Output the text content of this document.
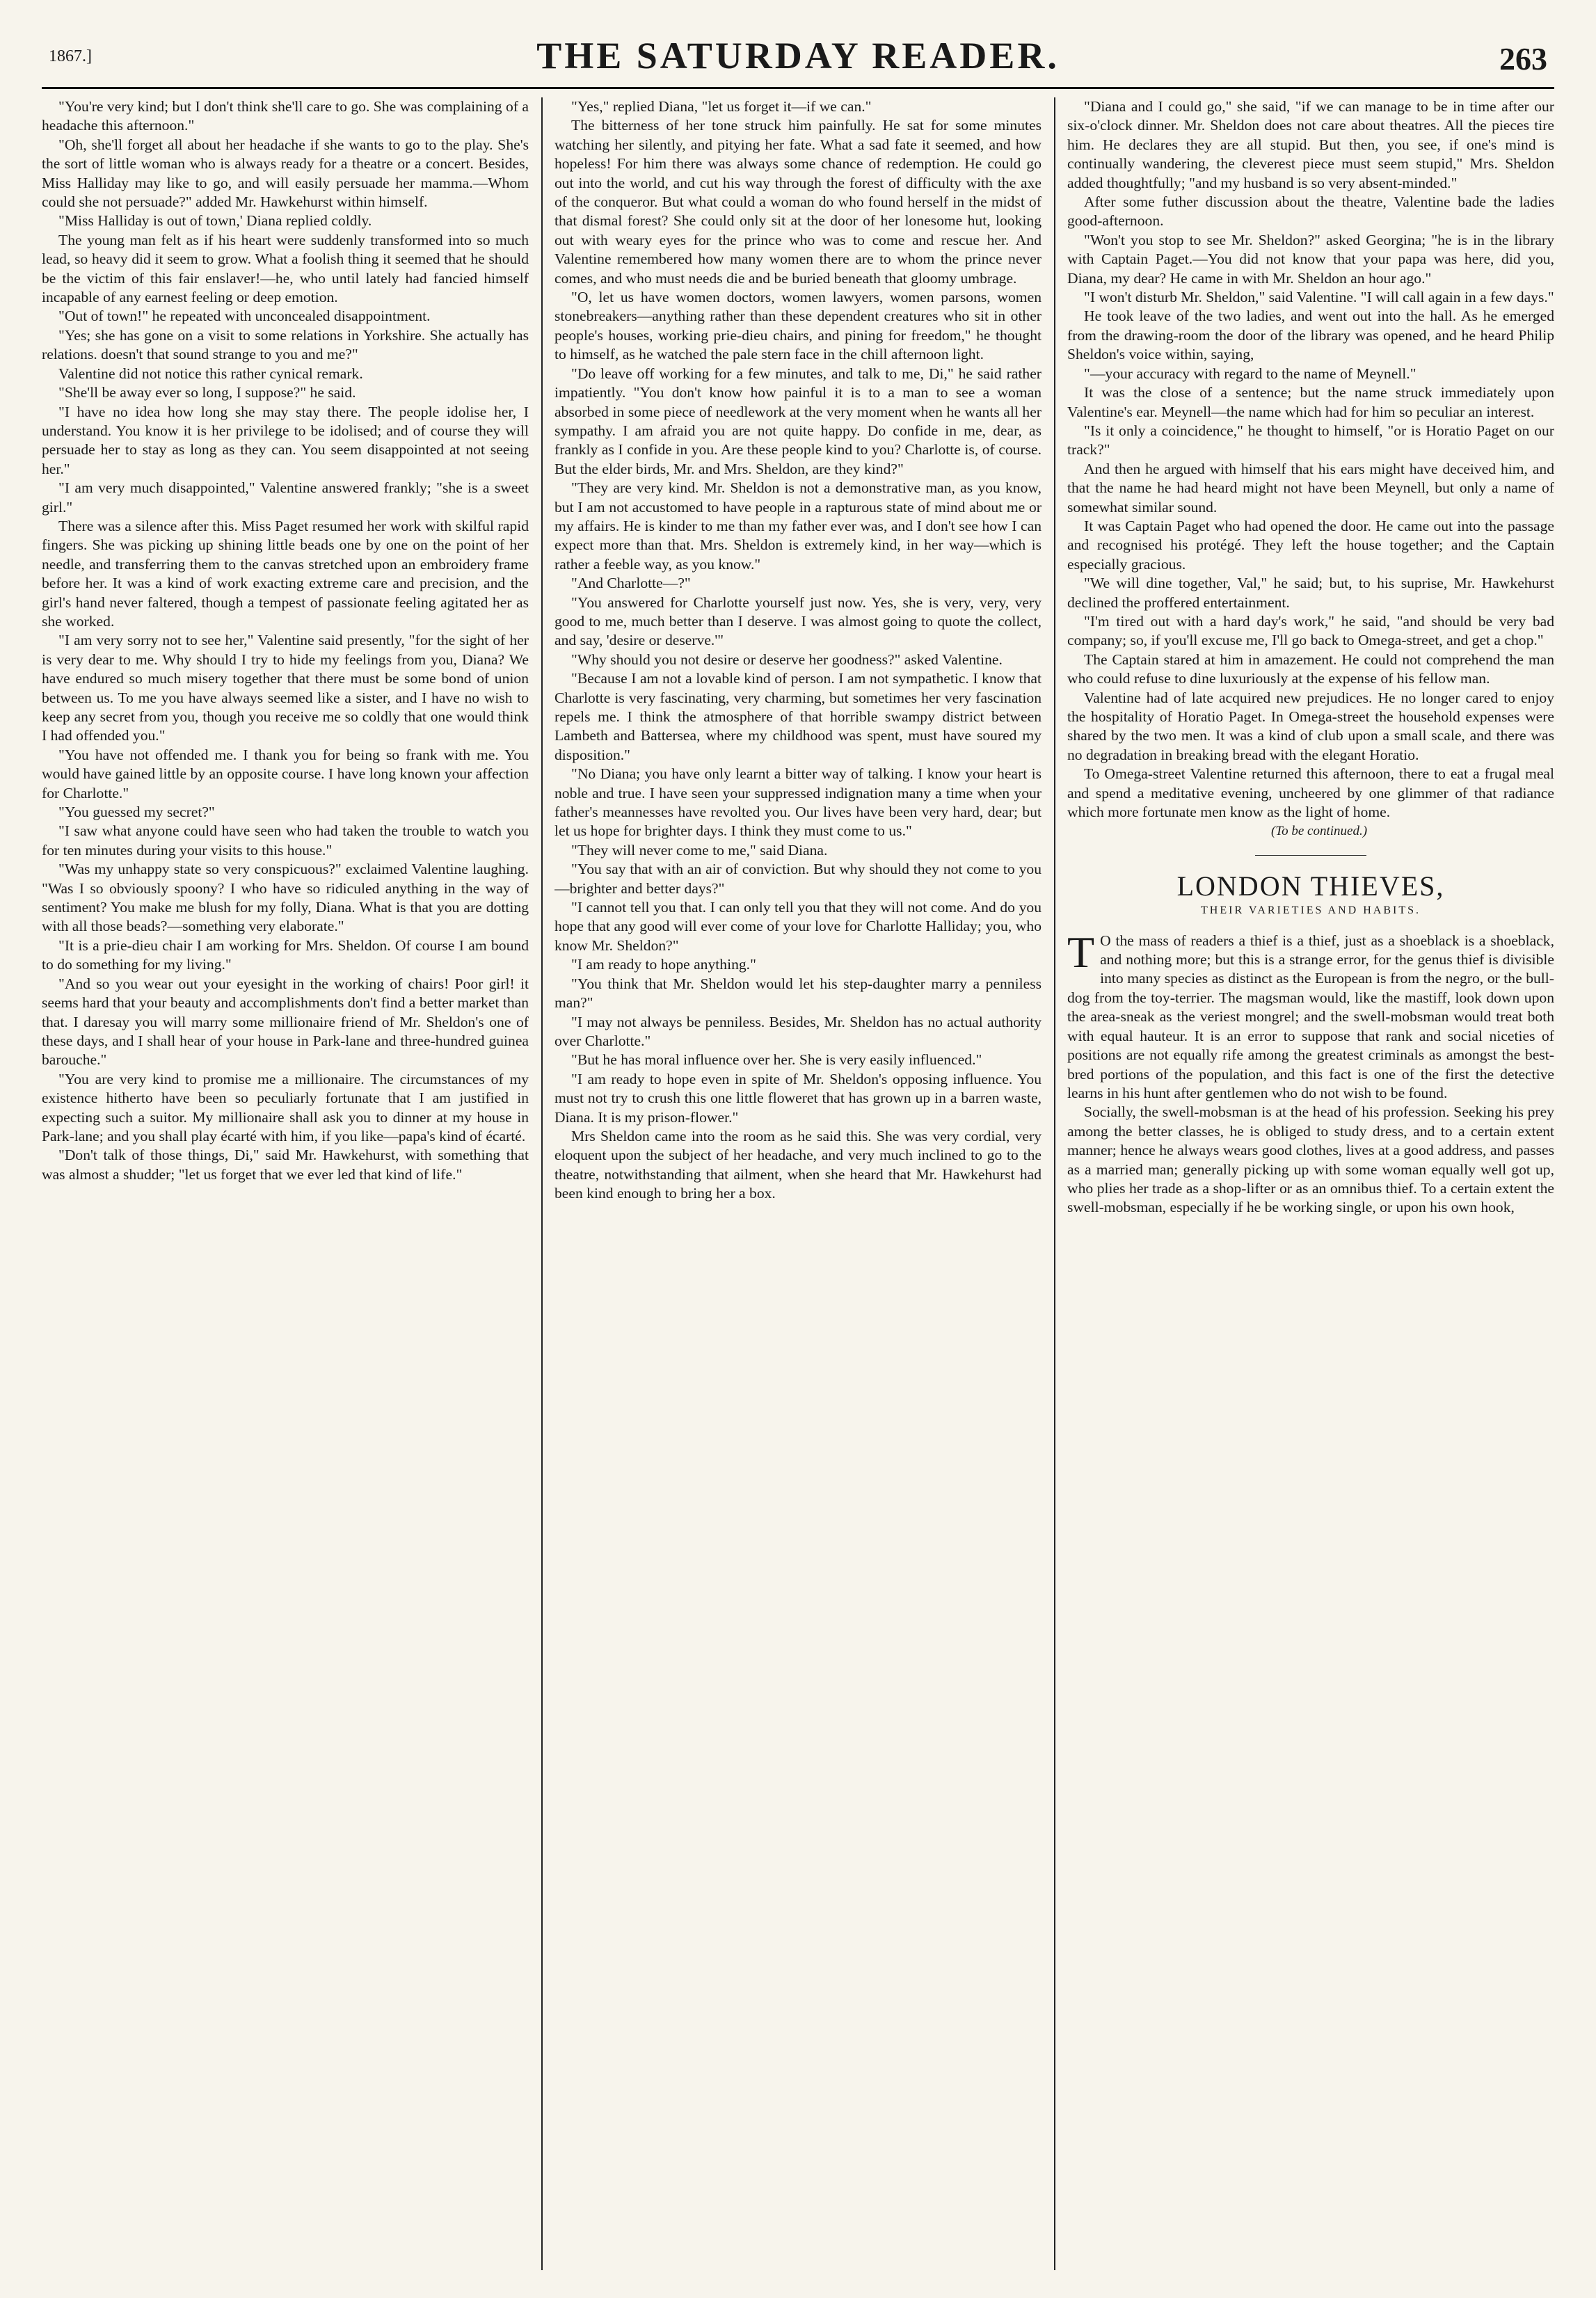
1867.]	THE SATURDAY READER.	263

"You're very kind; but I don't think she'll care to go. She was complaining of a headache this afternoon."

"Oh, she'll forget all about her headache if she wants to go to the play. She's the sort of little woman who is always ready for a theatre or a concert. Besides, Miss Halliday may like to go, and will easily persuade her mamma.—Whom could she not persuade?" added Mr. Hawkehurst within himself.

"Miss Halliday is out of town,' Diana replied coldly.

The young man felt as if his heart were suddenly transformed into so much lead, so heavy did it seem to grow. What a foolish thing it seemed that he should be the victim of this fair enslaver!—he, who until lately had fancied himself incapable of any earnest feeling or deep emotion.

"Out of town!" he repeated with unconcealed disappointment.

"Yes; she has gone on a visit to some relations in Yorkshire. She actually has relations. doesn't that sound strange to you and me?"

Valentine did not notice this rather cynical remark.

"She'll be away ever so long, I suppose?" he said.

"I have no idea how long she may stay there. The people idolise her, I understand. You know it is her privilege to be idolised; and of course they will persuade her to stay as long as they can. You seem disappointed at not seeing her."

"I am very much disappointed," Valentine answered frankly; "she is a sweet girl."

There was a silence after this. Miss Paget resumed her work with skilful rapid fingers. She was picking up shining little beads one by one on the point of her needle, and transferring them to the canvas stretched upon an embroidery frame before her. It was a kind of work exacting extreme care and precision, and the girl's hand never faltered, though a tempest of passionate feeling agitated her as she worked.

"I am very sorry not to see her," Valentine said presently, "for the sight of her is very dear to me. Why should I try to hide my feelings from you, Diana? We have endured so much misery together that there must be some bond of union between us. To me you have always seemed like a sister, and I have no wish to keep any secret from you, though you receive me so coldly that one would think I had offended you."

"You have not offended me. I thank you for being so frank with me. You would have gained little by an opposite course. I have long known your affection for Charlotte."

"You guessed my secret?"

"I saw what anyone could have seen who had taken the trouble to watch you for ten minutes during your visits to this house."

"Was my unhappy state so very conspicuous?" exclaimed Valentine laughing. "Was I so obviously spoony? I who have so ridiculed anything in the way of sentiment? You make me blush for my folly, Diana. What is that you are dotting with all those beads?—something very elaborate."

"It is a prie-dieu chair I am working for Mrs. Sheldon. Of course I am bound to do something for my living."

"And so you wear out your eyesight in the working of chairs! Poor girl! it seems hard that your beauty and accomplishments don't find a better market than that. I daresay you will marry some millionaire friend of Mr. Sheldon's one of these days, and I shall hear of your house in Park-lane and three-hundred guinea barouche."

"You are very kind to promise me a millionaire. The circumstances of my existence hitherto have been so peculiarly fortunate that I am justified in expecting such a suitor. My millionaire shall ask you to dinner at my house in Park-lane; and you shall play écarté with him, if you like—papa's kind of écarté.

"Don't talk of those things, Di," said Mr. Hawkehurst, with something that was almost a shudder; "let us forget that we ever led that kind of life."

"Yes," replied Diana, "let us forget it—if we can."

The bitterness of her tone struck him painfully. He sat for some minutes watching her silently, and pitying her fate. What a sad fate it seemed, and how hopeless! For him there was always some chance of redemption. He could go out into the world, and cut his way through the forest of difficulty with the axe of the conqueror. But what could a woman do who found herself in the midst of that dismal forest? She could only sit at the door of her lonesome hut, looking out with weary eyes for the prince who was to come and rescue her. And Valentine remembered how many women there are to whom the prince never comes, and who must needs die and be buried beneath that gloomy umbrage.

"O, let us have women doctors, women lawyers, women parsons, women stonebreakers—anything rather than these dependent creatures who sit in other people's houses, working prie-dieu chairs, and pining for freedom," he thought to himself, as he watched the pale stern face in the chill afternoon light.

"Do leave off working for a few minutes, and talk to me, Di," he said rather impatiently. "You don't know how painful it is to a man to see a woman absorbed in some piece of needlework at the very moment when he wants all her sympathy. I am afraid you are not quite happy. Do confide in me, dear, as frankly as I confide in you. Are these people kind to you? Charlotte is, of course. But the elder birds, Mr. and Mrs. Sheldon, are they kind?"

"They are very kind. Mr. Sheldon is not a demonstrative man, as you know, but I am not accustomed to have people in a rapturous state of mind about me or my affairs. He is kinder to me than my father ever was, and I don't see how I can expect more than that. Mrs. Sheldon is extremely kind, in her way—which is rather a feeble way, as you know."

"And Charlotte—?"

"You answered for Charlotte yourself just now. Yes, she is very, very, very good to me, much better than I deserve. I was almost going to quote the collect, and say, 'desire or deserve.'"

"Why should you not desire or deserve her goodness?" asked Valentine.

"Because I am not a lovable kind of person. I am not sympathetic. I know that Charlotte is very fascinating, very charming, but sometimes her very fascination repels me. I think the atmosphere of that horrible swampy district between Lambeth and Battersea, where my childhood was spent, must have soured my disposition."

"No Diana; you have only learnt a bitter way of talking. I know your heart is noble and true. I have seen your suppressed indignation many a time when your father's meannesses have revolted you. Our lives have been very hard, dear; but let us hope for brighter days. I think they must come to us."

"They will never come to me," said Diana.

"You say that with an air of conviction. But why should they not come to you—brighter and better days?"

"I cannot tell you that. I can only tell you that they will not come. And do you hope that any good will ever come of your love for Charlotte Halliday; you, who know Mr. Sheldon?"

"I am ready to hope anything."

"You think that Mr. Sheldon would let his step-daughter marry a penniless man?"

"I may not always be penniless. Besides, Mr. Sheldon has no actual authority over Charlotte."

"But he has moral influence over her. She is very easily influenced."

"I am ready to hope even in spite of Mr. Sheldon's opposing influence. You must not try to crush this one little floweret that has grown up in a barren waste, Diana. It is my prison-flower."

Mrs Sheldon came into the room as he said this. She was very cordial, very eloquent upon the subject of her headache, and very much inclined to go to the theatre, notwithstanding that ailment, when she heard that Mr. Hawkehurst had been kind enough to bring her a box.

"Diana and I could go," she said, "if we can manage to be in time after our six-o'clock dinner. Mr. Sheldon does not care about theatres. All the pieces tire him. He declares they are all stupid. But then, you see, if one's mind is continually wandering, the cleverest piece must seem stupid," Mrs. Sheldon added thoughtfully; "and my husband is so very absent-minded."

After some futher discussion about the theatre, Valentine bade the ladies good-afternoon.

"Won't you stop to see Mr. Sheldon?" asked Georgina; "he is in the library with Captain Paget.—You did not know that your papa was here, did you, Diana, my dear? He came in with Mr. Sheldon an hour ago."

"I won't disturb Mr. Sheldon," said Valentine. "I will call again in a few days."

He took leave of the two ladies, and went out into the hall. As he emerged from the drawing-room the door of the library was opened, and he heard Philip Sheldon's voice within, saying,

"—your accuracy with regard to the name of Meynell."

It was the close of a sentence; but the name struck immediately upon Valentine's ear. Meynell—the name which had for him so peculiar an interest.

"Is it only a coincidence," he thought to himself, "or is Horatio Paget on our track?"

And then he argued with himself that his ears might have deceived him, and that the name he had heard might not have been Meynell, but only a name of somewhat similar sound.

It was Captain Paget who had opened the door. He came out into the passage and recognised his protégé. They left the house together; and the Captain especially gracious.

"We will dine together, Val," he said; but, to his suprise, Mr. Hawkehurst declined the proffered entertainment.

"I'm tired out with a hard day's work," he said, "and should be very bad company; so, if you'll excuse me, I'll go back to Omega-street, and get a chop."

The Captain stared at him in amazement. He could not comprehend the man who could refuse to dine luxuriously at the expense of his fellow man.

Valentine had of late acquired new prejudices. He no longer cared to enjoy the hospitality of Horatio Paget. In Omega-street the household expenses were shared by the two men. It was a kind of club upon a small scale, and there was no degradation in breaking bread with the elegant Horatio.

To Omega-street Valentine returned this afternoon, there to eat a frugal meal and spend a meditative evening, uncheered by one glimmer of that radiance which more fortunate men know as the light of home.

(To be continued.)

LONDON THIEVES,
THEIR VARIETIES AND HABITS.

T O the mass of readers a thief is a thief, just as a shoeblack is a shoeblack, and nothing more; but this is a strange error, for the genus thief is divisible into many species as distinct as the European is from the negro, or the bull-dog from the toy-terrier. The magsman would, like the mastiff, look down upon the area-sneak as the veriest mongrel; and the swell-mobsman would treat both with equal hauteur. It is an error to suppose that rank and social niceties of positions are not equally rife among the greatest criminals as amongst the best-bred portions of the population, and this fact is one of the first the detective learns in his hunt after gentlemen who do not wish to be found.

Socially, the swell-mobsman is at the head of his profession. Seeking his prey among the better classes, he is obliged to study dress, and to a certain extent manner; hence he always wears good clothes, lives at a good address, and passes as a married man; generally picking up with some woman equally well got up, who plies her trade as a shop-lifter or as an omnibus thief. To a certain extent the swell-mobsman, especially if he be working single, or upon his own hook,
